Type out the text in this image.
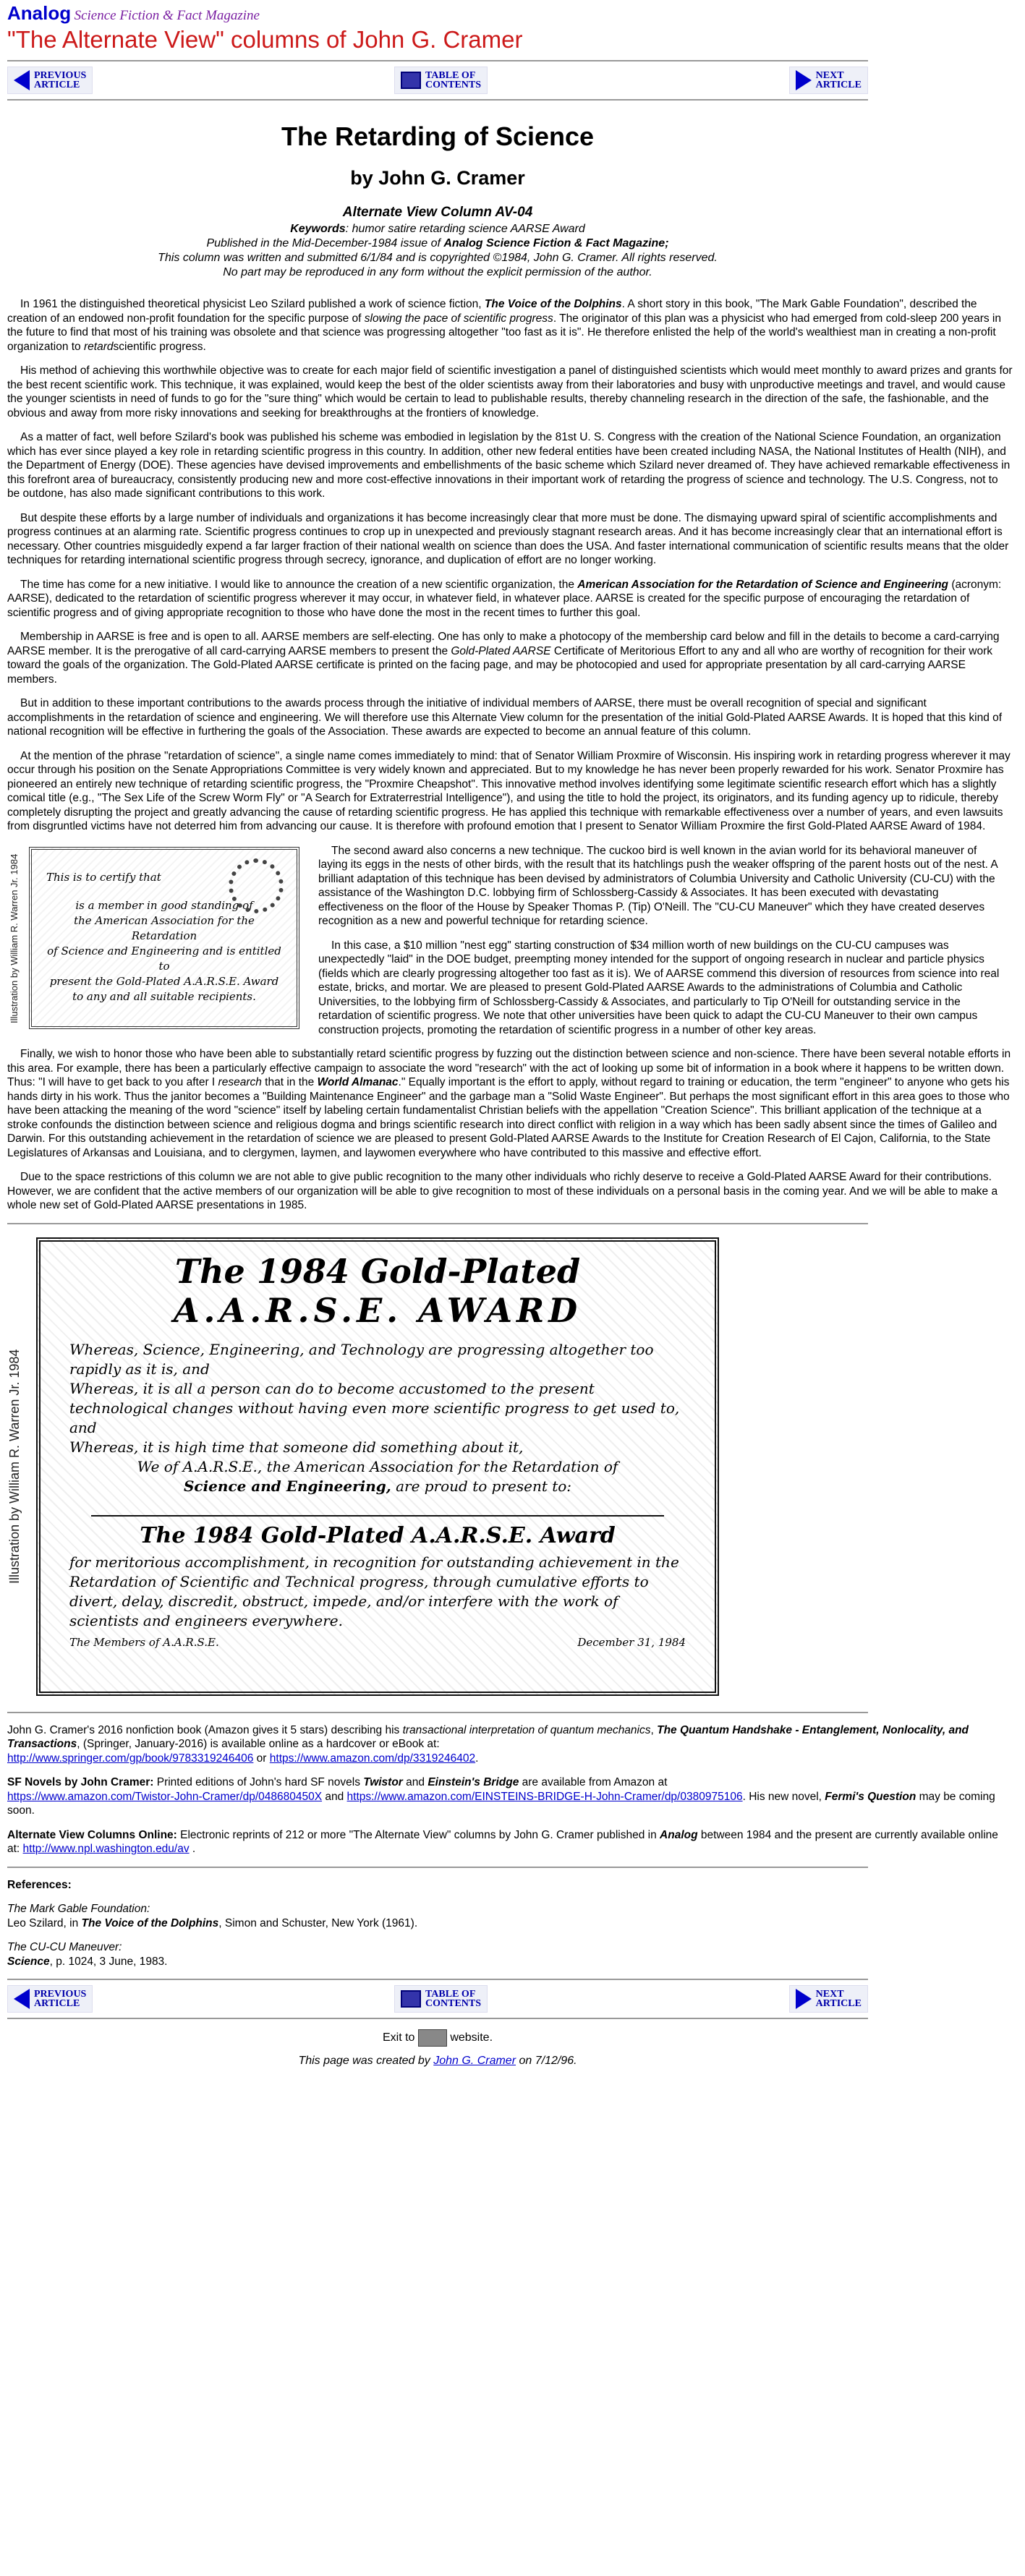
Analog Science Fiction & Fact Magazine
"The Alternate View" columns of John G. Cramer
PREVIOUS
ARTICLE
TABLE OF
CONTENTS
NEXT
ARTICLE
The Retarding of Science
by John G. Cramer
Alternate View Column AV-04
Keywords: humor satire retarding science AARSE Award
Published in the Mid-December-1984 issue of Analog Science Fiction & Fact Magazine;
This column was written and submitted 6/1/84 and is copyrighted ©1984, John G. Cramer. All rights reserved.
No part may be reproduced in any form without the explicit permission of the author.

In 1961 the distinguished theoretical physicist Leo Szilard published a work of science fiction, The Voice of the Dolphins. A short story in this book, "The Mark Gable Foundation", described the creation of an endowed non-profit foundation for the specific purpose of slowing the pace of scientific progress. The originator of this plan was a physicist who had emerged from cold-sleep 200 years in the future to find that most of his training was obsolete and that science was progressing altogether "too fast as it is". He therefore enlisted the help of the world's wealthiest man in creating a non-profit organization to retardscientific progress.

His method of achieving this worthwhile objective was to create for each major field of scientific investigation a panel of distinguished scientists which would meet monthly to award prizes and grants for the best recent scientific work. This technique, it was explained, would keep the best of the older scientists away from their laboratories and busy with unproductive meetings and travel, and would cause the younger scientists in need of funds to go for the "sure thing" which would be certain to lead to publishable results, thereby channeling research in the direction of the safe, the fashionable, and the obvious and away from more risky innovations and seeking for breakthroughs at the frontiers of knowledge.

As a matter of fact, well before Szilard's book was published his scheme was embodied in legislation by the 81st U. S. Congress with the creation of the National Science Foundation, an organization which has ever since played a key role in retarding scientific progress in this country. In addition, other new federal entities have been created including NASA, the National Institutes of Health (NIH), and the Department of Energy (DOE). These agencies have devised improvements and embellishments of the basic scheme which Szilard never dreamed of. They have achieved remarkable effectiveness in this forefront area of bureaucracy, consistently producing new and more cost-effective innovations in their important work of retarding the progress of science and technology. The U.S. Congress, not to be outdone, has also made significant contributions to this work.

But despite these efforts by a large number of individuals and organizations it has become increasingly clear that more must be done. The dismaying upward spiral of scientific accomplishments and progress continues at an alarming rate. Scientific progress continues to crop up in unexpected and previously stagnant research areas. And it has become increasingly clear that an international effort is necessary. Other countries misguidedly expend a far larger fraction of their national wealth on science than does the USA. And faster international communication of scientific results means that the older techniques for retarding international scientific progress through secrecy, ignorance, and duplication of effort are no longer working.

The time has come for a new initiative. I would like to announce the creation of a new scientific organization, the American Association for the Retardation of Science and Engineering (acronym: AARSE), dedicated to the retardation of scientific progress wherever it may occur, in whatever field, in whatever place. AARSE is created for the specific purpose of encouraging the retardation of scientific progress and of giving appropriate recognition to those who have done the most in the recent times to further this goal.

Membership in AARSE is free and is open to all. AARSE members are self-electing. One has only to make a photocopy of the membership card below and fill in the details to become a card-carrying AARSE member. It is the prerogative of all card-carrying AARSE members to present the Gold-Plated AARSE Certificate of Meritorious Effort to any and all who are worthy of recognition for their work toward the goals of the organization. The Gold-Plated AARSE certificate is printed on the facing page, and may be photocopied and used for appropriate presentation by all card-carrying AARSE members.

But in addition to these important contributions to the awards process through the initiative of individual members of AARSE, there must be overall recognition of special and significant accomplishments in the retardation of science and engineering. We will therefore use this Alternate View column for the presentation of the initial Gold-Plated AARSE Awards. It is hoped that this kind of national recognition will be effective in furthering the goals of the Association. These awards are expected to become an annual feature of this column.

At the mention of the phrase "retardation of science", a single name comes immediately to mind: that of Senator William Proxmire of Wisconsin. His inspiring work in retarding progress wherever it may occur through his position on the Senate Appropriations Committee is very widely known and appreciated. But to my knowledge he has never been properly rewarded for his work. Senator Proxmire has pioneered an entirely new technique of retarding scientific progress, the "Proxmire Cheapshot". This innovative method involves identifying some legitimate scientific research effort which has a slightly comical title (e.g., "The Sex Life of the Screw Worm Fly" or "A Search for Extraterrestrial Intelligence"), and using the title to hold the project, its originators, and its funding agency up to ridicule, thereby completely disrupting the project and greatly advancing the cause of retarding scientific progress. He has applied this technique with remarkable effectiveness over a number of years, and even lawsuits from disgruntled victims have not deterred him from advancing our cause. It is therefore with profound emotion that I present to Senator William Proxmire the first Gold-Plated AARSE Award of 1984.

Illustration by William R. Warren Jr. 1984	This is to certify that
is a member in good standing of
the American Association for the Retardation
of Science and Engineering and is entitled to
present the Gold-Plated A.A.R.S.E. Award
to any and all suitable recipients.

The second award also concerns a new technique. The cuckoo bird is well known in the avian world for its behavioral maneuver of laying its eggs in the nests of other birds, with the result that its hatchlings push the weaker offspring of the parent hosts out of the nest. A brilliant adaptation of this technique has been devised by administrators of Columbia University and Catholic University (CU-CU) with the assistance of the Washington D.C. lobbying firm of Schlossberg-Cassidy & Associates. It has been executed with devastating effectiveness on the floor of the House by Speaker Thomas P. (Tip) O'Neill. The "CU-CU Maneuver" which they have created deserves recognition as a new and powerful technique for retarding science.

In this case, a $10 million "nest egg" starting construction of $34 million worth of new buildings on the CU-CU campuses was unexpectedly "laid" in the DOE budget, preempting money intended for the support of ongoing research in nuclear and particle physics (fields which are clearly progressing altogether too fast as it is). We of AARSE commend this diversion of resources from science into real estate, bricks, and mortar. We are pleased to present Gold-Plated AARSE Awards to the administrations of Columbia and Catholic Universities, to the lobbying firm of Schlossberg-Cassidy & Associates, and particularly to Tip O'Neill for outstanding service in the retardation of scientific progress. We note that other universities have been quick to adapt the CU-CU Maneuver to their own campus construction projects, promoting the retardation of scientific progress in a number of other key areas.

Finally, we wish to honor those who have been able to substantially retard scientific progress by fuzzing out the distinction between science and non-science. There have been several notable efforts in this area. For example, there has been a particularly effective campaign to associate the word "research" with the act of looking up some bit of information in a book where it happens to be written down. Thus: "I will have to get back to you after I research that in the World Almanac." Equally important is the effort to apply, without regard to training or education, the term "engineer" to anyone who gets his hands dirty in his work. Thus the janitor becomes a "Building Maintenance Engineer" and the garbage man a "Solid Waste Engineer". But perhaps the most significant effort in this area goes to those who have been attacking the meaning of the word "science" itself by labeling certain fundamentalist Christian beliefs with the appellation "Creation Science". This brilliant application of the technique at a stroke confounds the distinction between science and religious dogma and brings scientific research into direct conflict with religion in a way which has been sadly absent since the times of Galileo and Darwin. For this outstanding achievement in the retardation of science we are pleased to present Gold-Plated AARSE Awards to the Institute for Creation Research of El Cajon, California, to the State Legislatures of Arkansas and Louisiana, and to clergymen, laymen, and laywomen everywhere who have contributed to this massive and effective effort.

Due to the space restrictions of this column we are not able to give public recognition to the many other individuals who richly deserve to receive a Gold-Plated AARSE Award for their contributions. However, we are confident that the active members of our organization will be able to give recognition to most of these individuals on a personal basis in the coming year. And we will be able to make a whole new set of Gold-Plated AARSE presentations in 1985.

Illustration by William R. Warren Jr. 1984
The 1984 Gold-Plated
A.A.R.S.E. AWARD
Whereas, Science, Engineering, and Technology are progressing altogether too rapidly as it is, and
Whereas, it is all a person can do to become accustomed to the present technological changes without having even more scientific progress to get used to, and
Whereas, it is high time that someone did something about it,
We of A.A.R.S.E., the American Association for the Retardation of
Science and Engineering, are proud to present to:
The 1984 Gold-Plated A.A.R.S.E. Award
for meritorious accomplishment, in recognition for outstanding achievement in the Retardation of Scientific and Technical progress, through cumulative efforts to divert, delay, discredit, obstruct, impede, and/or interfere with the work of scientists and engineers everywhere.
The Members of A.A.R.S.E.	December 31, 1984

John G. Cramer's 2016 nonfiction book (Amazon gives it 5 stars) describing his transactional interpretation of quantum mechanics, The Quantum Handshake - Entanglement, Nonlocality, and Transactions, (Springer, January-2016) is available online as a hardcover or eBook at:
http://www.springer.com/gp/book/9783319246406 or https://www.amazon.com/dp/3319246402.

SF Novels by John Cramer: Printed editions of John's hard SF novels Twistor and Einstein's Bridge are available from Amazon at
https://www.amazon.com/Twistor-John-Cramer/dp/048680450X and https://www.amazon.com/EINSTEINS-BRIDGE-H-John-Cramer/dp/0380975106. His new novel, Fermi's Question may be coming soon.

Alternate View Columns Online: Electronic reprints of 212 or more "The Alternate View" columns by John G. Cramer published in Analog between 1984 and the present are currently available online at: http://www.npl.washington.edu/av .

References:

The Mark Gable Foundation:
Leo Szilard, in The Voice of the Dolphins, Simon and Schuster, New York (1961).

The CU-CU Maneuver:
Science, p. 1024, 3 June, 1983.

PREVIOUS
ARTICLE
TABLE OF
CONTENTS
NEXT
ARTICLE
Exit to	website.
This page was created by John G. Cramer on 7/12/96.
